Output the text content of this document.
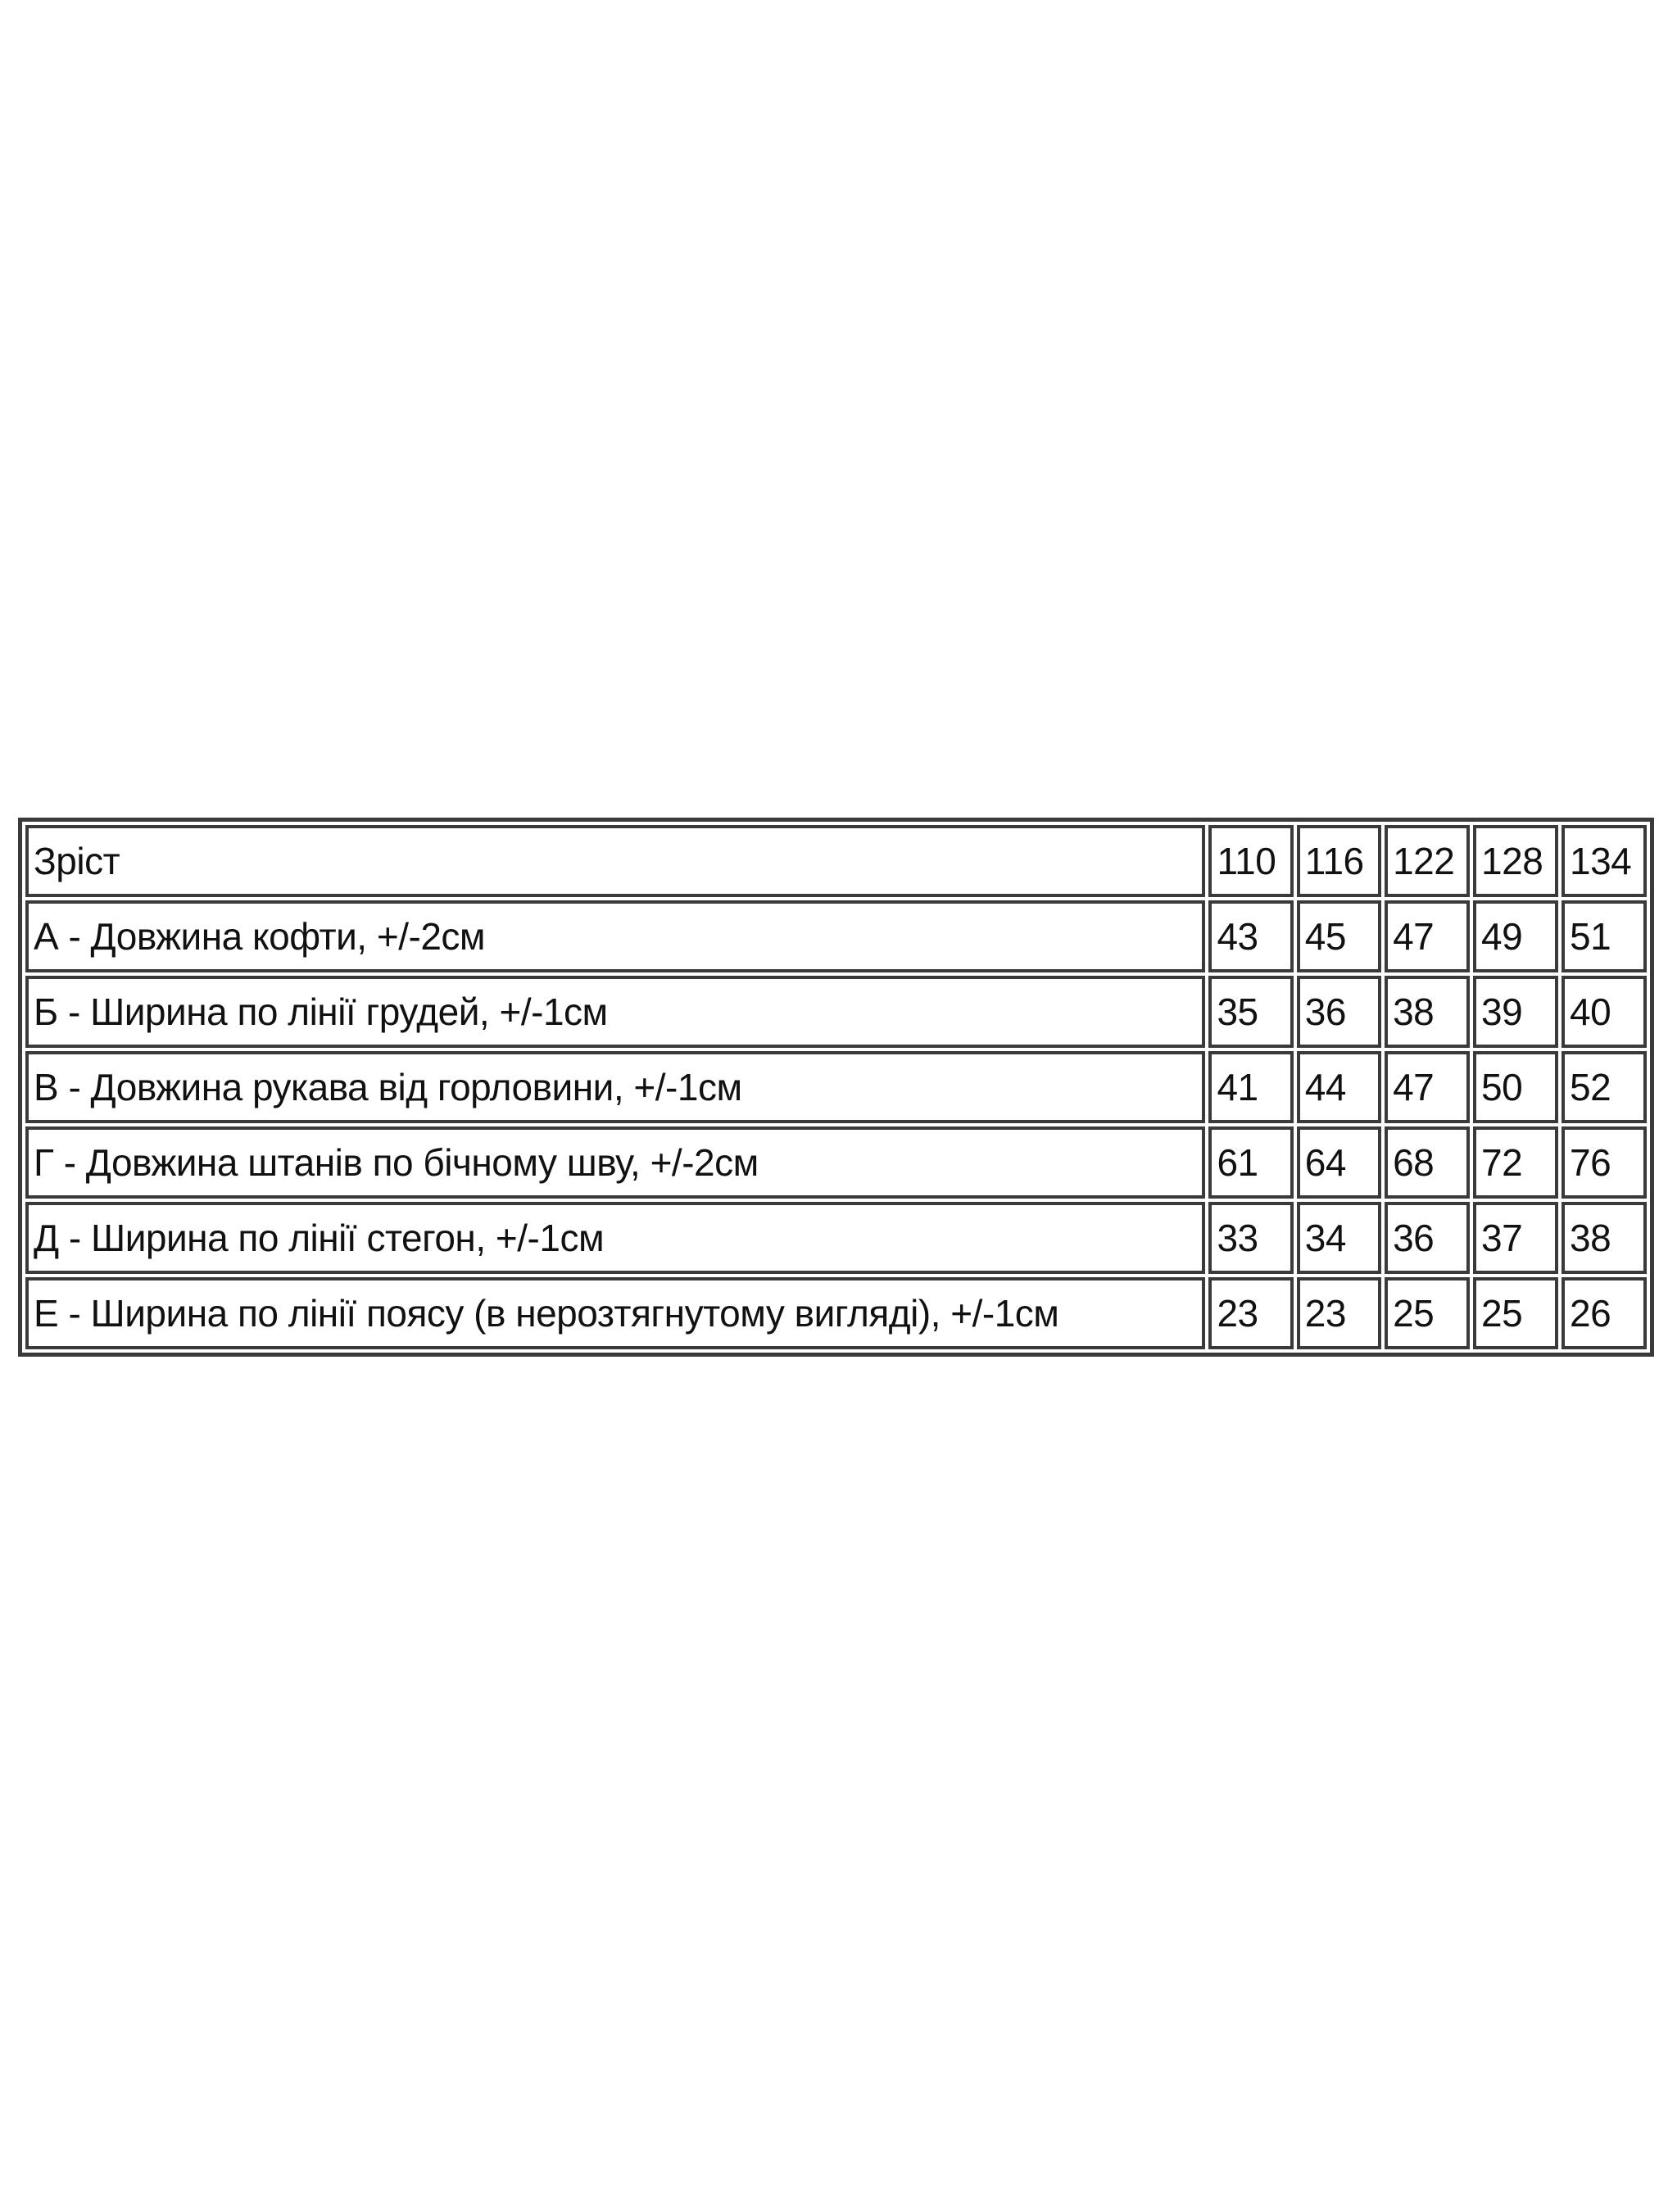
Зріст	110	116	122	128	134
А - Довжина кофти, +/-2см	43	45	47	49	51
Б - Ширина по лінії грудей, +/-1см	35	36	38	39	40
В - Довжина рукава від горловини, +/-1см	41	44	47	50	52
Г - Довжина штанів по бічному шву, +/-2см	61	64	68	72	76
Д - Ширина по лінії стегон, +/-1см	33	34	36	37	38
Е - Ширина по лінії поясу (в нерозтягнутому вигляді), +/-1см	23	23	25	25	26
